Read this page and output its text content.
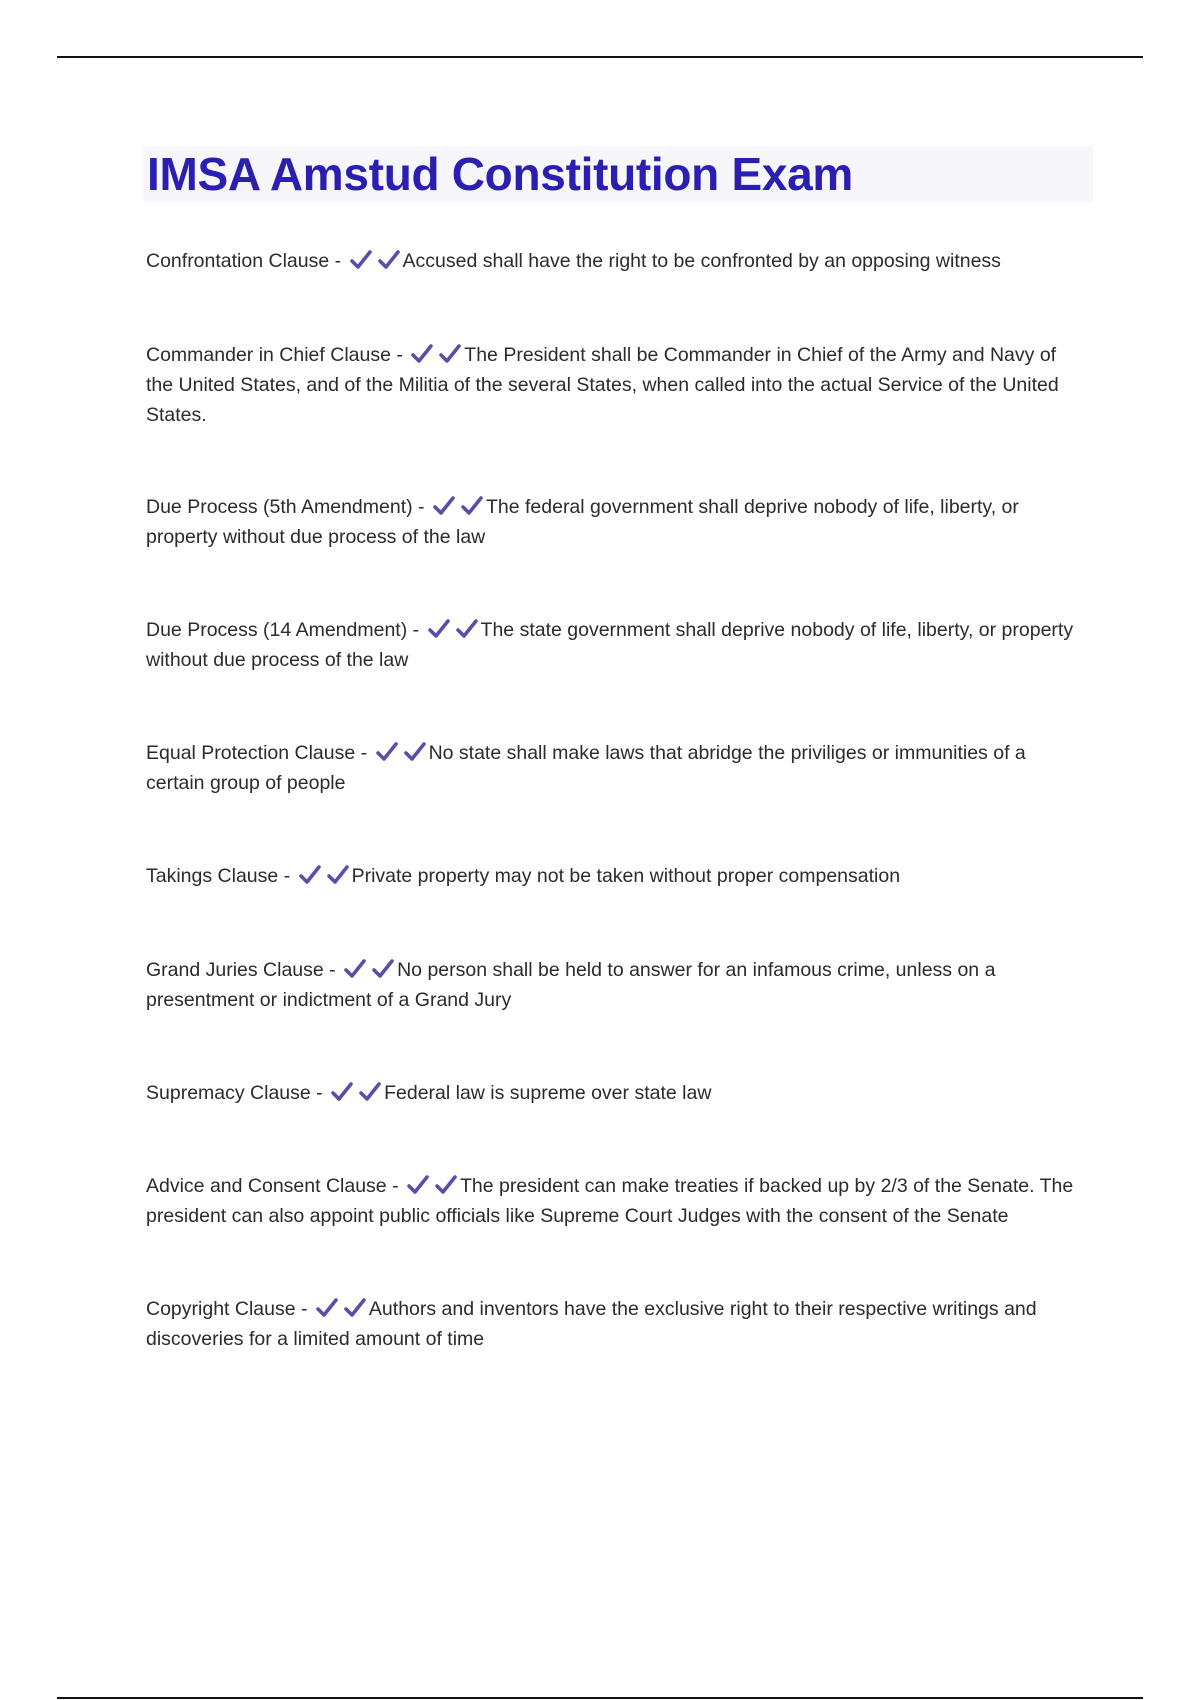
IMSA Amstud Constitution Exam
Confrontation Clause -	Accused shall have the right to be confronted by an opposing witness
Commander in Chief Clause -	The President shall be Commander in Chief of the Army and Navy of the United States, and of the Militia of the several States, when called into the actual Service of the United States.
Due Process (5th Amendment) -	The federal government shall deprive nobody of life, liberty, or property without due process of the law
Due Process (14 Amendment) -	The state government shall deprive nobody of life, liberty, or property without due process of the law
Equal Protection Clause -	No state shall make laws that abridge the priviliges or immunities of a certain group of people
Takings Clause -	Private property may not be taken without proper compensation
Grand Juries Clause -	No person shall be held to answer for an infamous crime, unless on a presentment or indictment of a Grand Jury
Supremacy Clause -	Federal law is supreme over state law
Advice and Consent Clause -	The president can make treaties if backed up by 2/3 of the Senate. The president can also appoint public officials like Supreme Court Judges with the consent of the Senate
Copyright Clause -	Authors and inventors have the exclusive right to their respective writings and discoveries for a limited amount of time
